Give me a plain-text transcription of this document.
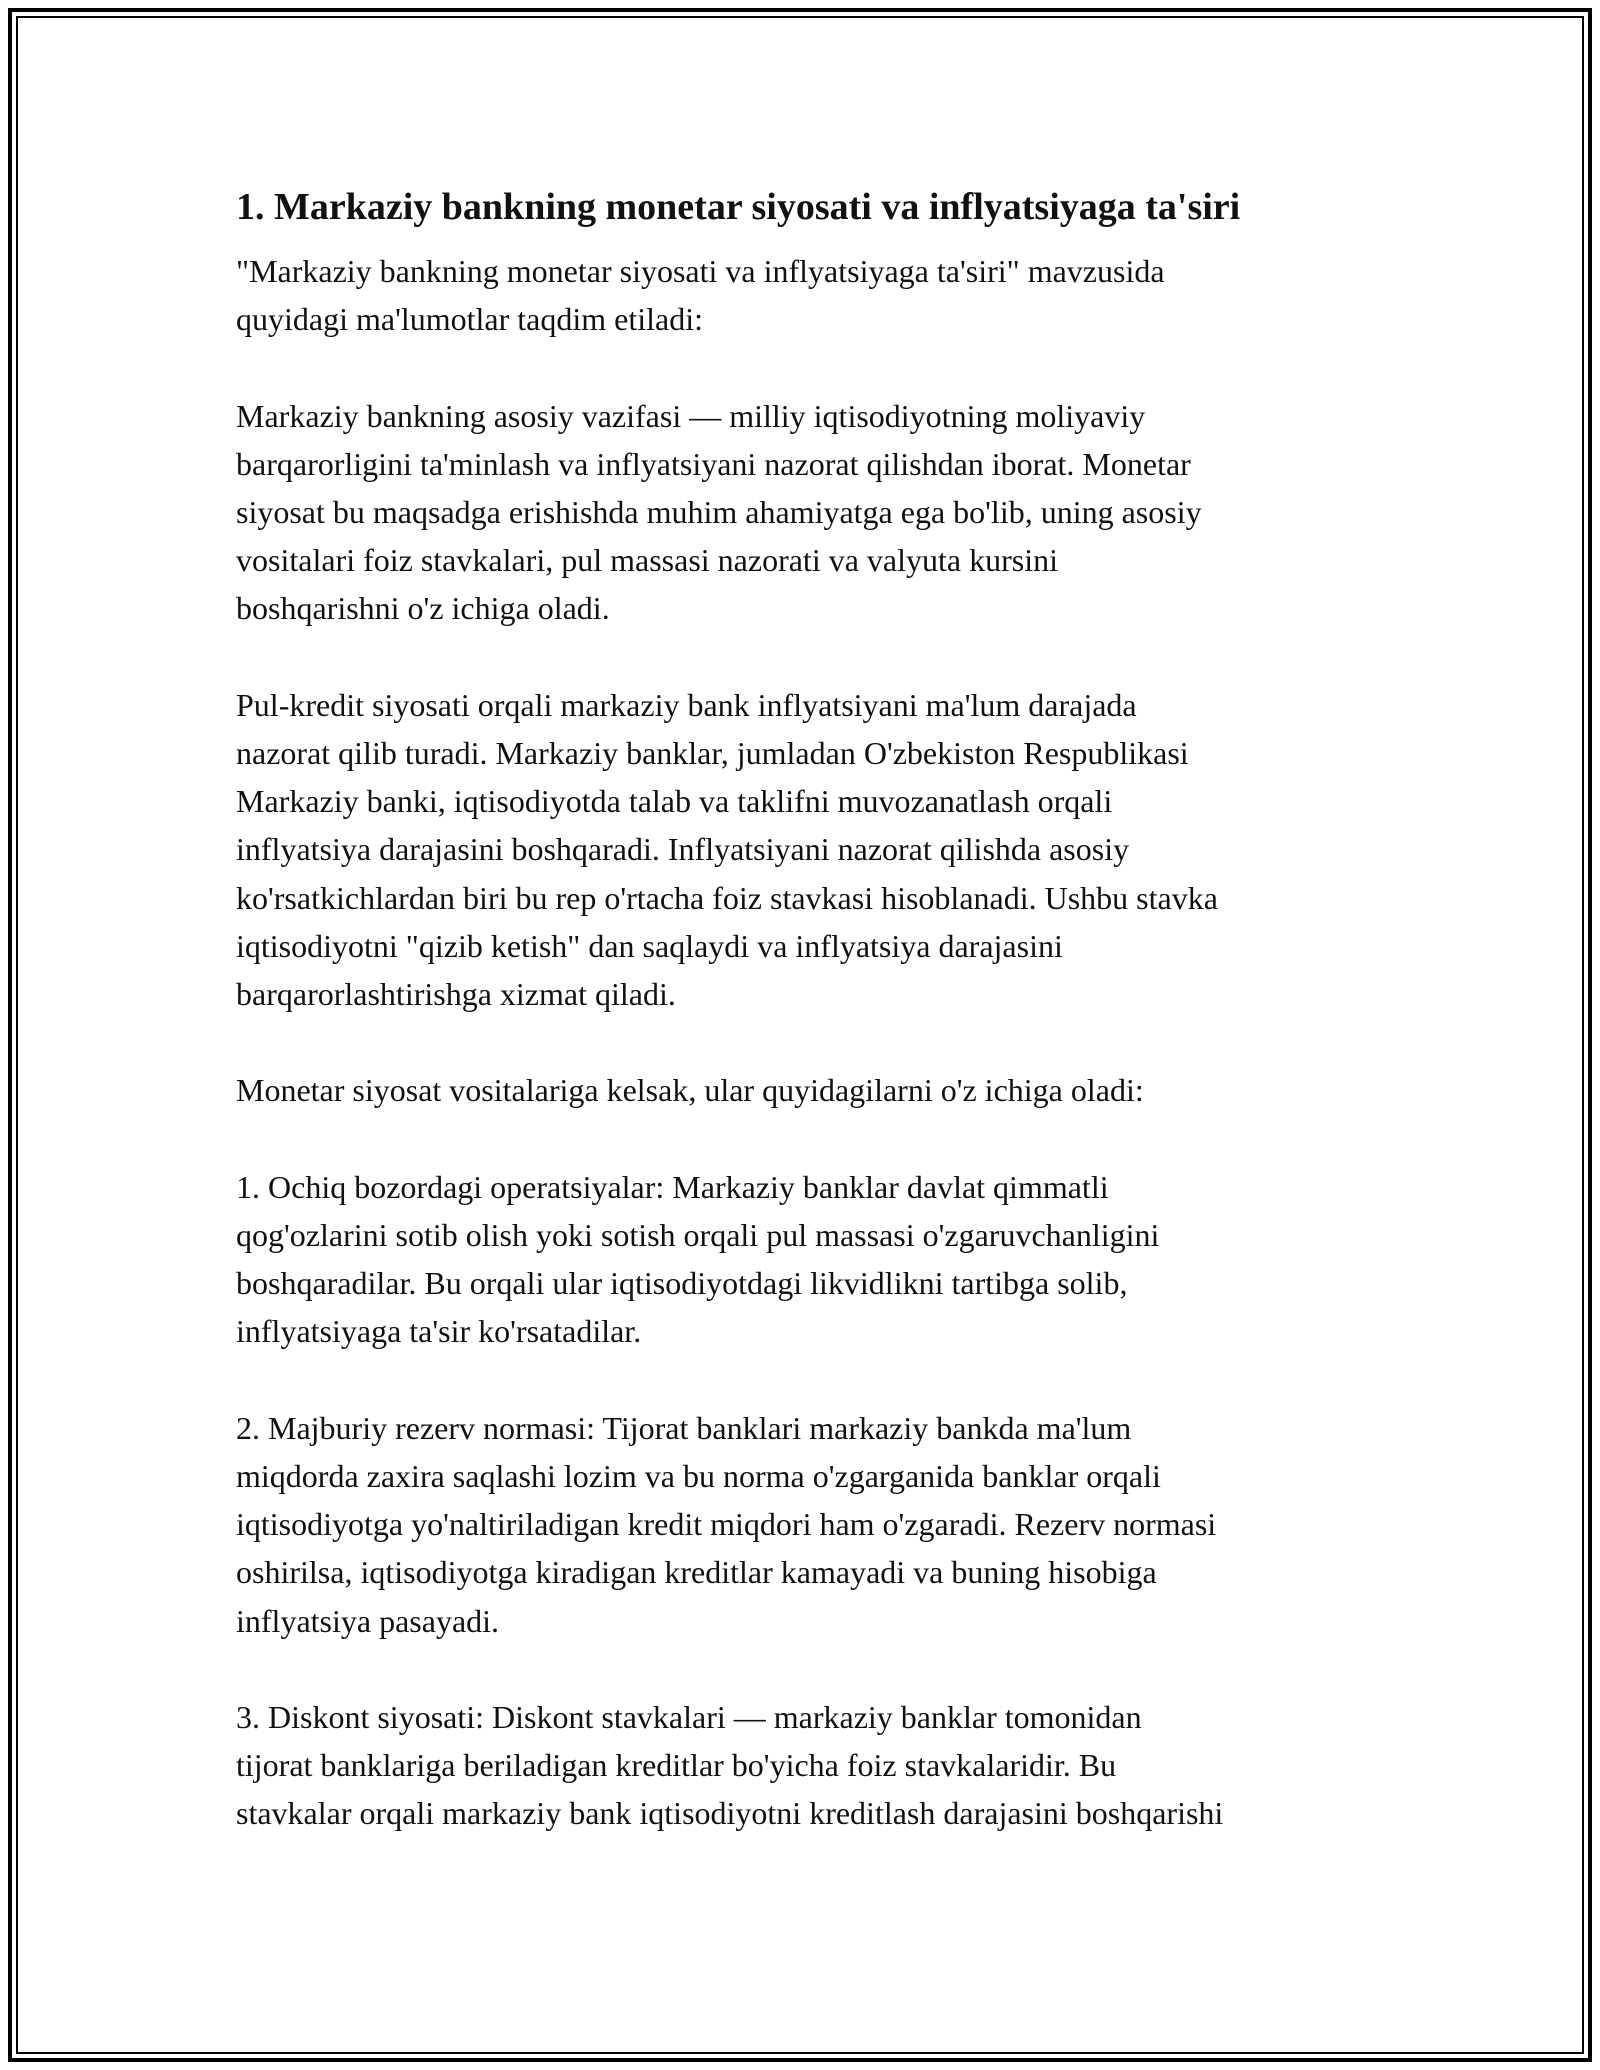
1. Markaziy bankning monetar siyosati va inflyatsiyaga ta'siri

"Markaziy bankning monetar siyosati va inflyatsiyaga ta'siri" mavzusida
quyidagi ma'lumotlar taqdim etiladi:

Markaziy bankning asosiy vazifasi — milliy iqtisodiyotning moliyaviy
barqarorligini ta'minlash va inflyatsiyani nazorat qilishdan iborat. Monetar
siyosat bu maqsadga erishishda muhim ahamiyatga ega bo'lib, uning asosiy
vositalari foiz stavkalari, pul massasi nazorati va valyuta kursini
boshqarishni o'z ichiga oladi.

Pul-kredit siyosati orqali markaziy bank inflyatsiyani ma'lum darajada
nazorat qilib turadi. Markaziy banklar, jumladan O'zbekiston Respublikasi
Markaziy banki, iqtisodiyotda talab va taklifni muvozanatlash orqali
inflyatsiya darajasini boshqaradi. Inflyatsiyani nazorat qilishda asosiy
ko'rsatkichlardan biri bu rep o'rtacha foiz stavkasi hisoblanadi. Ushbu stavka
iqtisodiyotni "qizib ketish" dan saqlaydi va inflyatsiya darajasini
barqarorlashtirishga xizmat qiladi.

Monetar siyosat vositalariga kelsak, ular quyidagilarni o'z ichiga oladi:

1. Ochiq bozordagi operatsiyalar: Markaziy banklar davlat qimmatli
qog'ozlarini sotib olish yoki sotish orqali pul massasi o'zgaruvchanligini
boshqaradilar. Bu orqali ular iqtisodiyotdagi likvidlikni tartibga solib,
inflyatsiyaga ta'sir ko'rsatadilar.

2. Majburiy rezerv normasi: Tijorat banklari markaziy bankda ma'lum
miqdorda zaxira saqlashi lozim va bu norma o'zgarganida banklar orqali
iqtisodiyotga yo'naltiriladigan kredit miqdori ham o'zgaradi. Rezerv normasi
oshirilsa, iqtisodiyotga kiradigan kreditlar kamayadi va buning hisobiga
inflyatsiya pasayadi.

3. Diskont siyosati: Diskont stavkalari — markaziy banklar tomonidan
tijorat banklariga beriladigan kreditlar bo'yicha foiz stavkalaridir. Bu
stavkalar orqali markaziy bank iqtisodiyotni kreditlash darajasini boshqarishi
